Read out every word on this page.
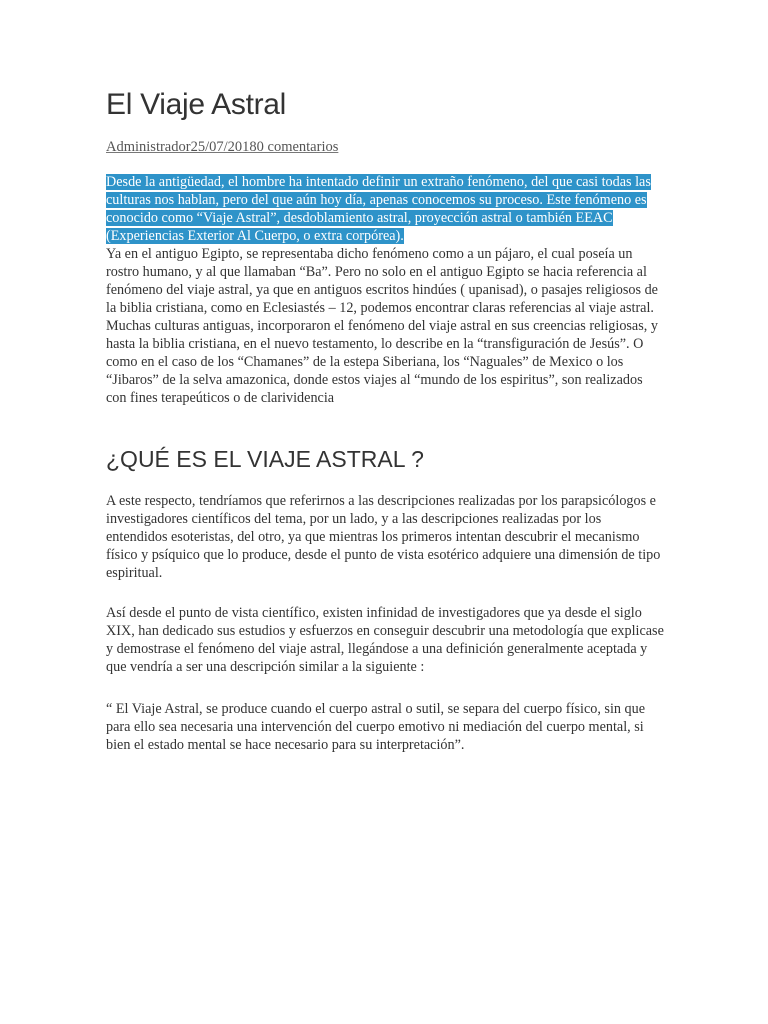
El Viaje Astral
Administrador25/07/20180 comentarios

Desde la antigüedad, el hombre ha intentado definir un extraño fenómeno, del que casi todas las culturas nos hablan, pero del que aún hoy día, apenas conocemos su proceso. Este fenómeno es conocido como “Viaje Astral”, desdoblamiento astral, proyección astral o también EEAC (Experiencias Exterior Al Cuerpo, o extra corpórea).

Ya en el antiguo Egipto, se representaba dicho fenómeno como a un pájaro, el cual poseía un rostro humano, y al que llamaban “Ba”. Pero no solo en el antiguo Egipto se hacia referencia al fenómeno del viaje astral, ya que en antiguos escritos hindúes ( upanisad), o pasajes religiosos de la biblia cristiana, como en Eclesiastés – 12, podemos encontrar claras referencias al viaje astral.

Muchas culturas antiguas, incorporaron el fenómeno del viaje astral en sus creencias religiosas, y hasta la biblia cristiana, en el nuevo testamento, lo describe en la “transfiguración de Jesús”. O como en el caso de los “Chamanes” de la estepa Siberiana, los “Naguales” de Mexico o los “Jibaros” de la selva amazonica, donde estos viajes al “mundo de los espiritus”, son realizados con fines terapeúticos o de clarividencia

¿QUÉ ES EL VIAJE ASTRAL ?

A este respecto, tendríamos que referirnos a las descripciones realizadas por los parapsicólogos e investigadores científicos del tema, por un lado, y a las descripciones realizadas por los entendidos esoteristas, del otro, ya que mientras los primeros intentan descubrir el mecanismo físico y psíquico que lo produce, desde el punto de vista esotérico adquiere una dimensión de tipo espiritual.

Así desde el punto de vista científico, existen infinidad de investigadores que ya desde el siglo XIX, han dedicado sus estudios y esfuerzos en conseguir descubrir una metodología que explicase y demostrase el fenómeno del viaje astral, llegándose a una definición generalmente aceptada y que vendría a ser una descripción similar a la siguiente :

“ El Viaje Astral, se produce cuando el cuerpo astral o sutil, se separa del cuerpo físico, sin que para ello sea necesaria una intervención del cuerpo emotivo ni mediación del cuerpo mental, si bien el estado mental se hace necesario para su interpretación”.
